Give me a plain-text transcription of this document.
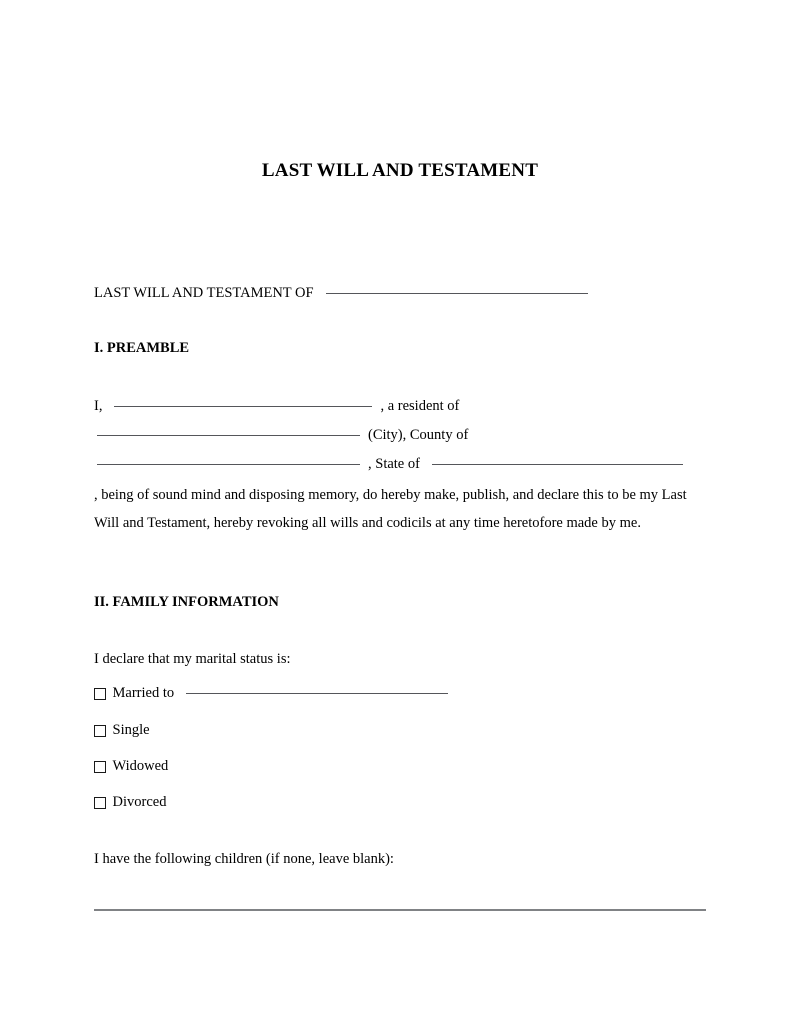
LAST WILL AND TESTAMENT
LAST WILL AND TESTAMENT OF
I. PREAMBLE
I,	, a resident of
(City), County of
, State of
, being of sound mind and disposing memory, do hereby make, publish, and declare this to be my Last Will and Testament, hereby revoking all wills and codicils at any time heretofore made by me.
II. FAMILY INFORMATION
I declare that my marital status is:
Married to
Single
Widowed
Divorced
I have the following children (if none, leave blank):
